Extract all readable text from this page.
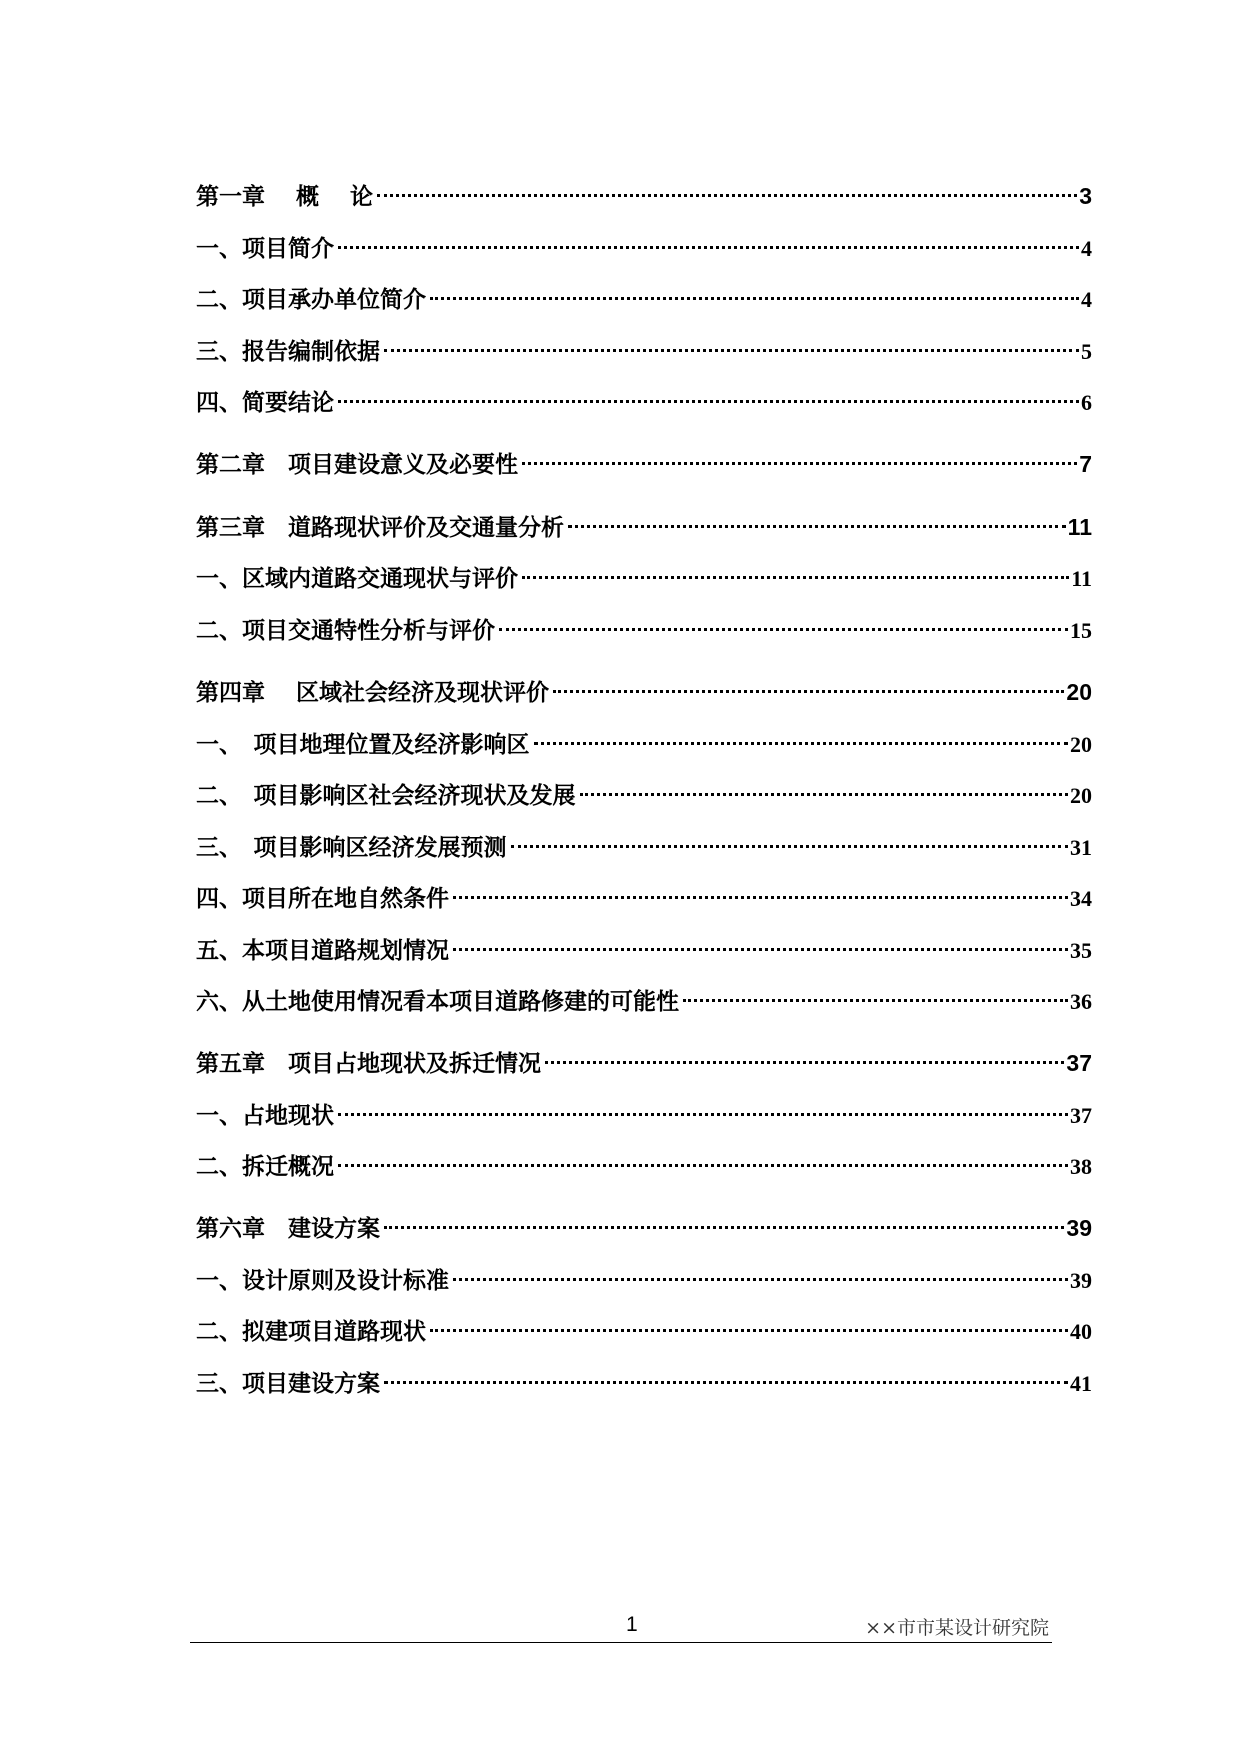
第一章　 概　 论	3
一、项目简介	4
二、项目承办单位简介	4
三、报告编制依据	5
四、简要结论	6
第二章　项目建设意义及必要性	7
第三章　道路现状评价及交通量分析	11
一、区域内道路交通现状与评价	11
二、项目交通特性分析与评价	15
第四章　 区域社会经济及现状评价	20
一、　项目地理位置及经济影响区	20
二、　项目影响区社会经济现状及发展	20
三、　项目影响区经济发展预测	31
四、项目所在地自然条件	34
五、本项目道路规划情况	35
六、从土地使用情况看本项目道路修建的可能性	36
第五章　项目占地现状及拆迁情况	37
一、占地现状	37
二、拆迁概况	38
第六章　建设方案	39
一、设计原则及设计标准	39
二、拟建项目道路现状	40
三、项目建设方案	41
1	××市市某设计研究院
